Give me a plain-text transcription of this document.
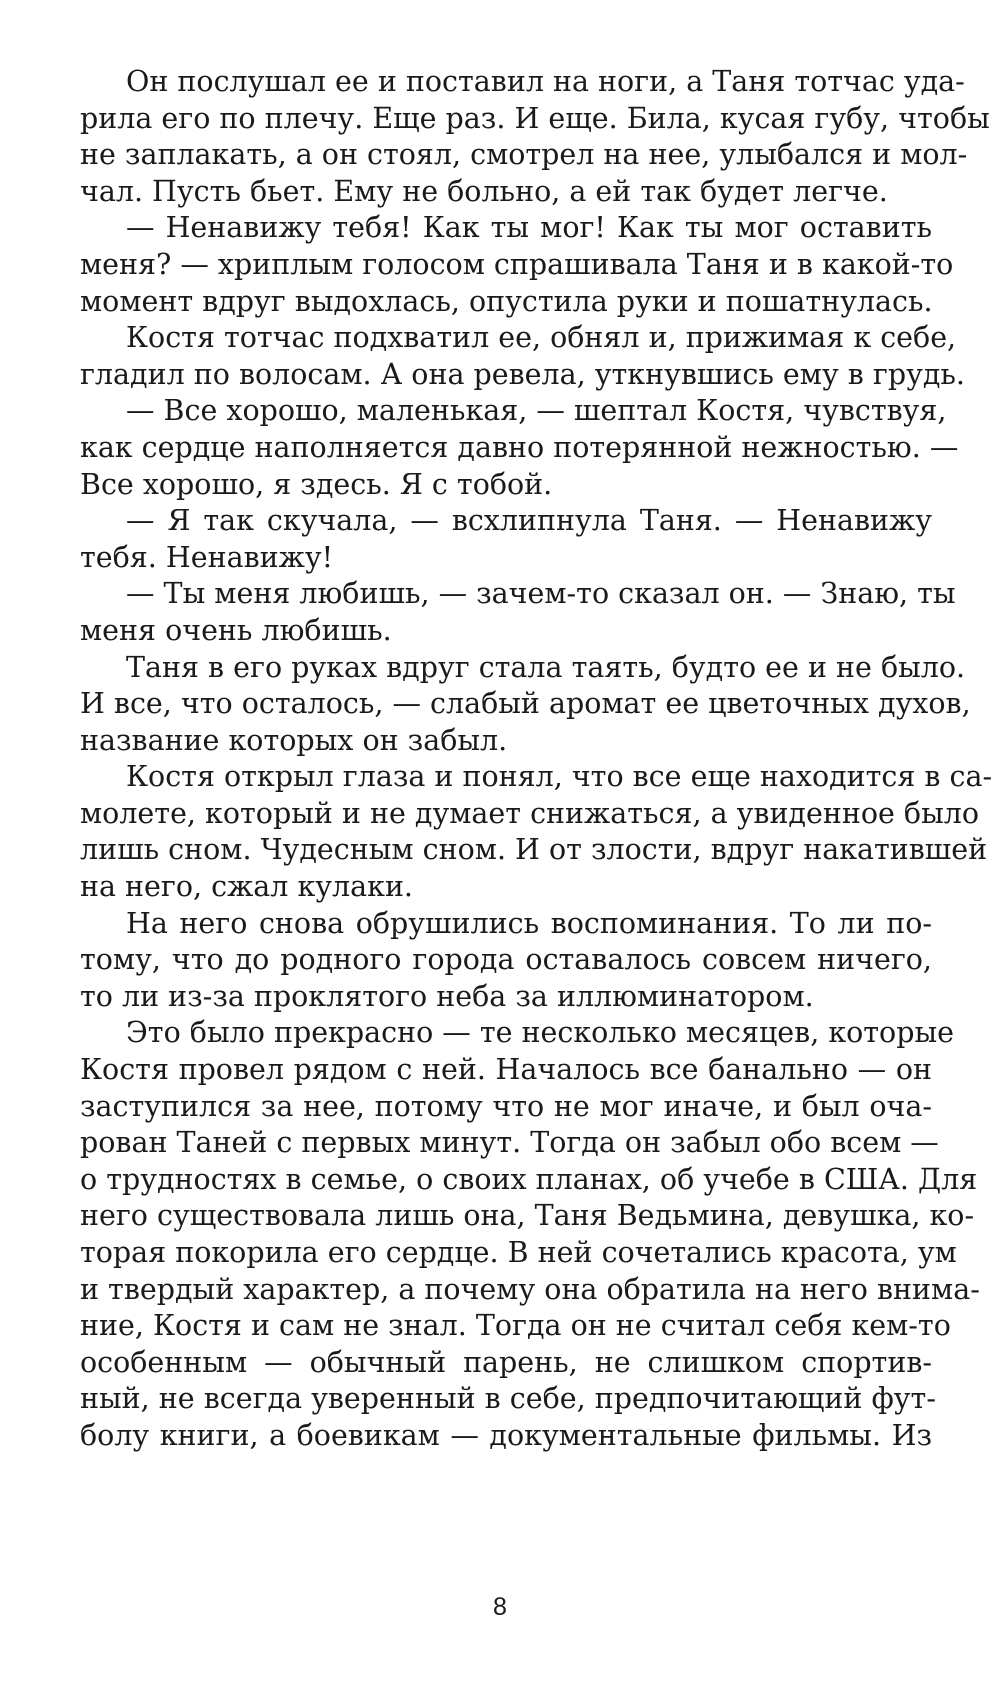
Он послушал ее и поставил на ноги, а Таня тотчас уда-
рила его по плечу. Еще раз. И еще. Била, кусая губу, чтобы
не заплакать, а он стоял, смотрел на нее, улыбался и мол-
чал. Пусть бьет. Ему не больно, а ей так будет легче.
— Ненавижу тебя! Как ты мог! Как ты мог оставить
меня? — хриплым голосом спрашивала Таня и в какой-то
момент вдруг выдохлась, опустила руки и пошатнулась.
Костя тотчас подхватил ее, обнял и, прижимая к себе,
гладил по волосам. А она ревела, уткнувшись ему в грудь.
— Все хорошо, маленькая, — шептал Костя, чувствуя,
как сердце наполняется давно потерянной нежностью. —
Все хорошо, я здесь. Я с тобой.
— Я так скучала, — всхлипнула Таня. — Ненавижу
тебя. Ненавижу!
— Ты меня любишь, — зачем-то сказал он. — Знаю, ты
меня очень любишь.
Таня в его руках вдруг стала таять, будто ее и не было.
И все, что осталось, — слабый аромат ее цветочных духов,
название которых он забыл.
Костя открыл глаза и понял, что все еще находится в са-
молете, который и не думает снижаться, а увиденное было
лишь сном. Чудесным сном. И от злости, вдруг накатившей
на него, сжал кулаки.
На него снова обрушились воспоминания. То ли по-
тому, что до родного города оставалось совсем ничего,
то ли из-за проклятого неба за иллюминатором.
Это было прекрасно — те несколько месяцев, которые
Костя провел рядом с ней. Началось все банально — он
заступился за нее, потому что не мог иначе, и был оча-
рован Таней с первых минут. Тогда он забыл обо всем —
о трудностях в семье, о своих планах, об учебе в США. Для
него существовала лишь она, Таня Ведьмина, девушка, ко-
торая покорила его сердце. В ней сочетались красота, ум
и твердый характер, а почему она обратила на него внима-
ние, Костя и сам не знал. Тогда он не считал себя кем-то
особенным — обычный парень, не слишком спортив-
ный, не всегда уверенный в себе, предпочитающий фут-
болу книги, а боевикам — документальные фильмы. Из
8
